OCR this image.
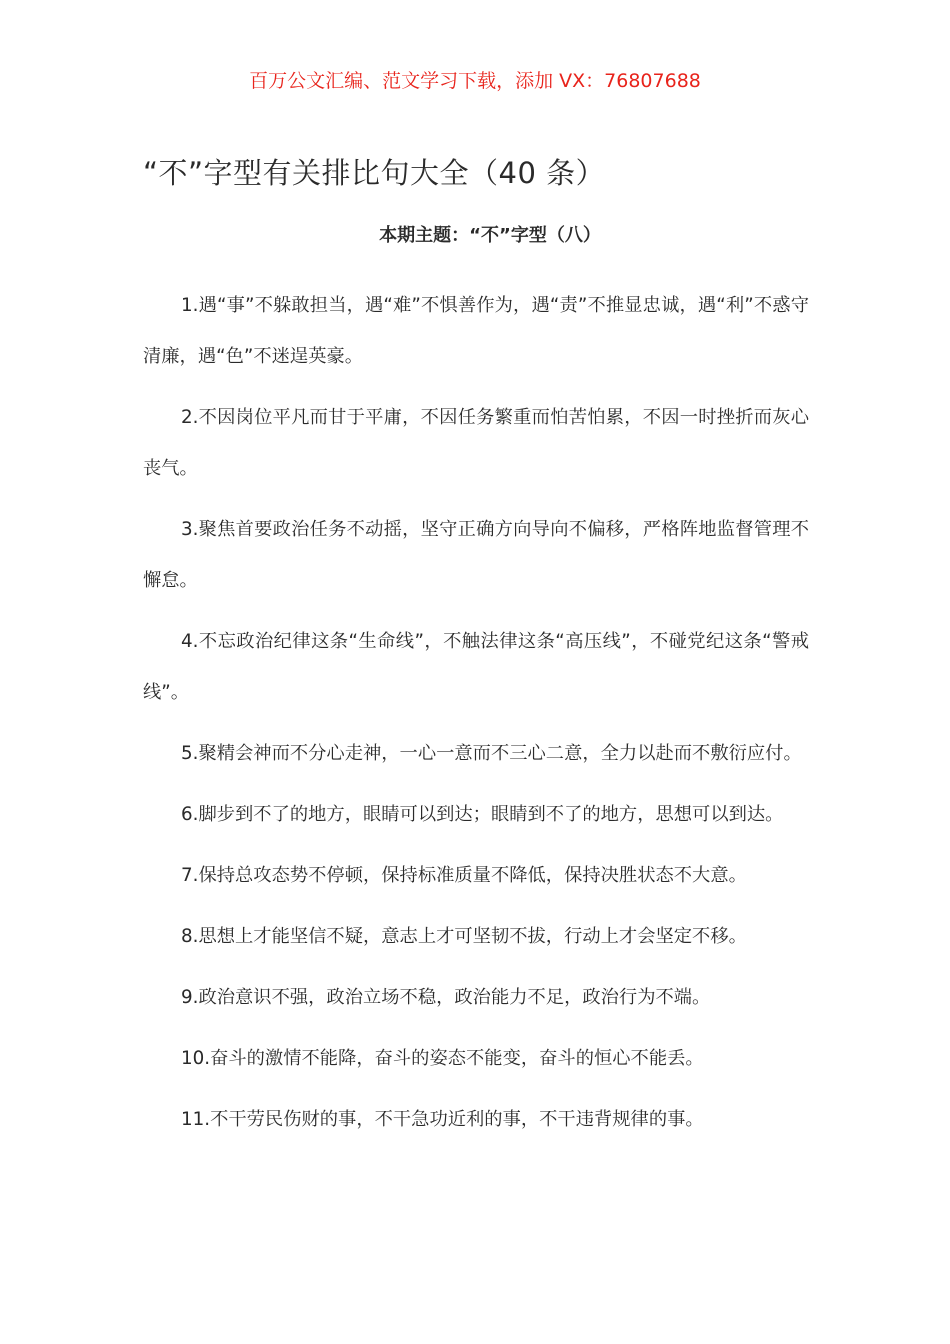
百万公文汇编、范文学习下载，添加 VX：76807688
“不”字型有关排比句大全（40 条）
本期主题：“不”字型（八）

1.遇“事”不躲敢担当，遇“难”不惧善作为，遇“责”不推显忠诚，遇“利”不惑守清廉，遇“色”不迷逞英豪。

2.不因岗位平凡而甘于平庸，不因任务繁重而怕苦怕累，不因一时挫折而灰心丧气。

3.聚焦首要政治任务不动摇，坚守正确方向导向不偏移，严格阵地监督管理不懈怠。

4.不忘政治纪律这条“生命线”，不触法律这条“高压线”，不碰党纪这条“警戒线”。

5.聚精会神而不分心走神，一心一意而不三心二意，全力以赴而不敷衍应付。

6.脚步到不了的地方，眼睛可以到达；眼睛到不了的地方，思想可以到达。

7.保持总攻态势不停顿，保持标准质量不降低，保持决胜状态不大意。

8.思想上才能坚信不疑，意志上才可坚韧不拔，行动上才会坚定不移。

9.政治意识不强，政治立场不稳，政治能力不足，政治行为不端。

10.奋斗的激情不能降，奋斗的姿态不能变，奋斗的恒心不能丢。

11.不干劳民伤财的事，不干急功近利的事，不干违背规律的事。
